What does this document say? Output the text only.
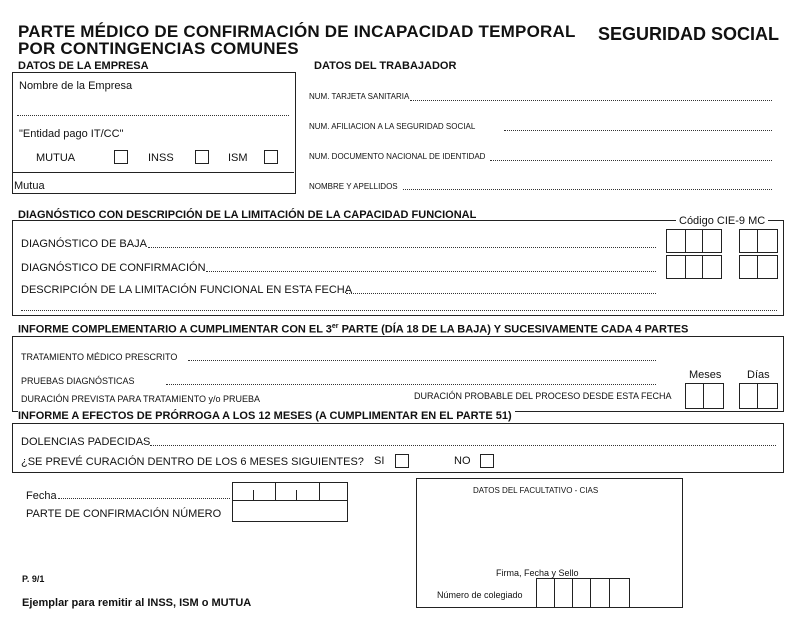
PARTE MÉDICO DE CONFIRMACIÓN DE INCAPACIDAD TEMPORAL
POR CONTINGENCIAS COMUNES
SEGURIDAD SOCIAL
DATOS DE LA EMPRESA
Nombre de la Empresa
"Entidad pago IT/CC"
MUTUA	INSS	ISM
Mutua
DATOS DEL TRABAJADOR
NUM. TARJETA SANITARIA
NUM. AFILIACION A LA SEGURIDAD SOCIAL
NUM. DOCUMENTO NACIONAL DE IDENTIDAD
NOMBRE Y APELLIDOS
DIAGNÓSTICO CON DESCRIPCIÓN DE LA LIMITACIÓN DE LA CAPACIDAD FUNCIONAL	Código CIE-9 MC
DIAGNÓSTICO DE BAJA
DIAGNÓSTICO DE CONFIRMACIÓN
DESCRIPCIÓN DE LA LIMITACIÓN FUNCIONAL EN ESTA FECHA
INFORME COMPLEMENTARIO A CUMPLIMENTAR CON EL 3er PARTE (DÍA 18 DE LA BAJA) Y SUCESIVAMENTE CADA 4 PARTES
TRATAMIENTO MÉDICO PRESCRITO
PRUEBAS DIAGNÓSTICAS
DURACIÓN PREVISTA PARA TRATAMIENTO y/o PRUEBA	DURACIÓN PROBABLE DEL PROCESO DESDE ESTA FECHA
Meses Días
INFORME A EFECTOS DE PRÓRROGA A LOS 12 MESES (A CUMPLIMENTAR EN EL PARTE 51)
DOLENCIAS PADECIDAS
¿SE PREVÉ CURACIÓN DENTRO DE LOS 6 MESES SIGUIENTES? SI	NO
Fecha
PARTE DE CONFIRMACIÓN NÚMERO
P. 9/1
Ejemplar para remitir al INSS, ISM o MUTUA
DATOS DEL FACULTATIVO - CIAS
Firma, Fecha y Sello
Número de colegiado
